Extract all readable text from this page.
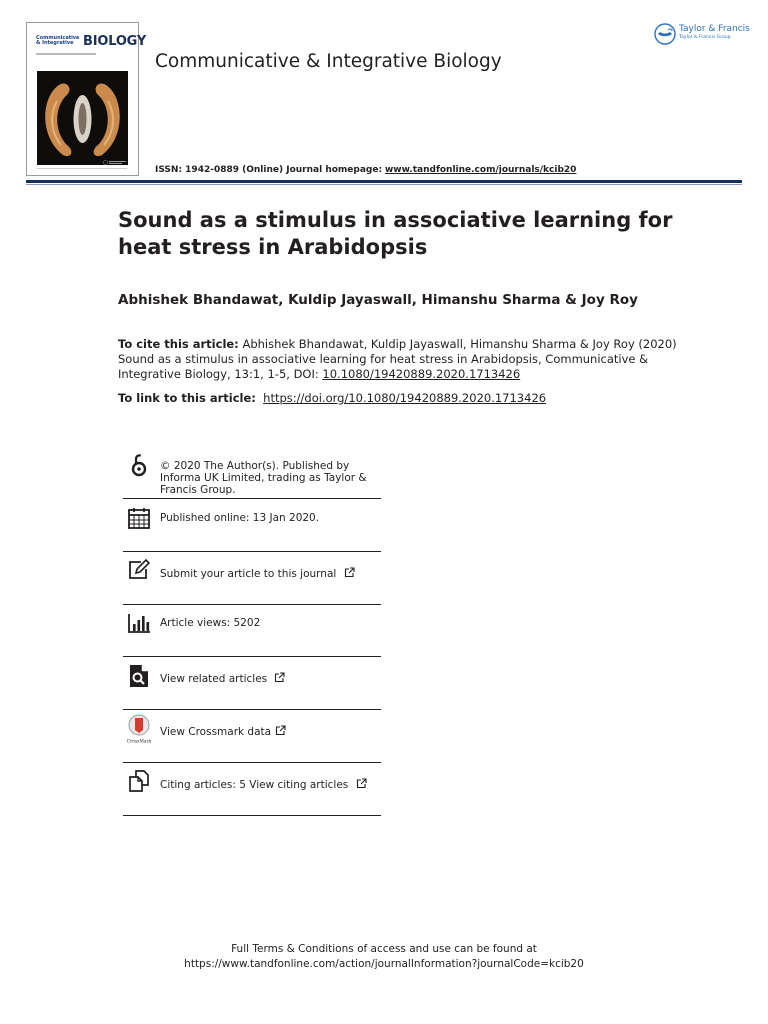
Communicative
& Integrative BIOLOGY
Communicative & Integrative Biology
Taylor & Francis
Taylor & Francis Group
ISSN: 1942-0889 (Online) Journal homepage: www.tandfonline.com/journals/kcib20
Sound as a stimulus in associative learning for heat stress in Arabidopsis
Abhishek Bhandawat, Kuldip Jayaswall, Himanshu Sharma & Joy Roy
To cite this article: Abhishek Bhandawat, Kuldip Jayaswall, Himanshu Sharma & Joy Roy (2020) Sound as a stimulus in associative learning for heat stress in Arabidopsis, Communicative & Integrative Biology, 13:1, 1-5, DOI: 10.1080/19420889.2020.1713426
To link to this article: https://doi.org/10.1080/19420889.2020.1713426
© 2020 The Author(s). Published by Informa UK Limited, trading as Taylor & Francis Group.
Published online: 13 Jan 2020.
Submit your article to this journal
Article views: 5202
View related articles
CrossMark
View Crossmark data
Citing articles: 5 View citing articles
Full Terms & Conditions of access and use can be found at
https://www.tandfonline.com/action/journalInformation?journalCode=kcib20
